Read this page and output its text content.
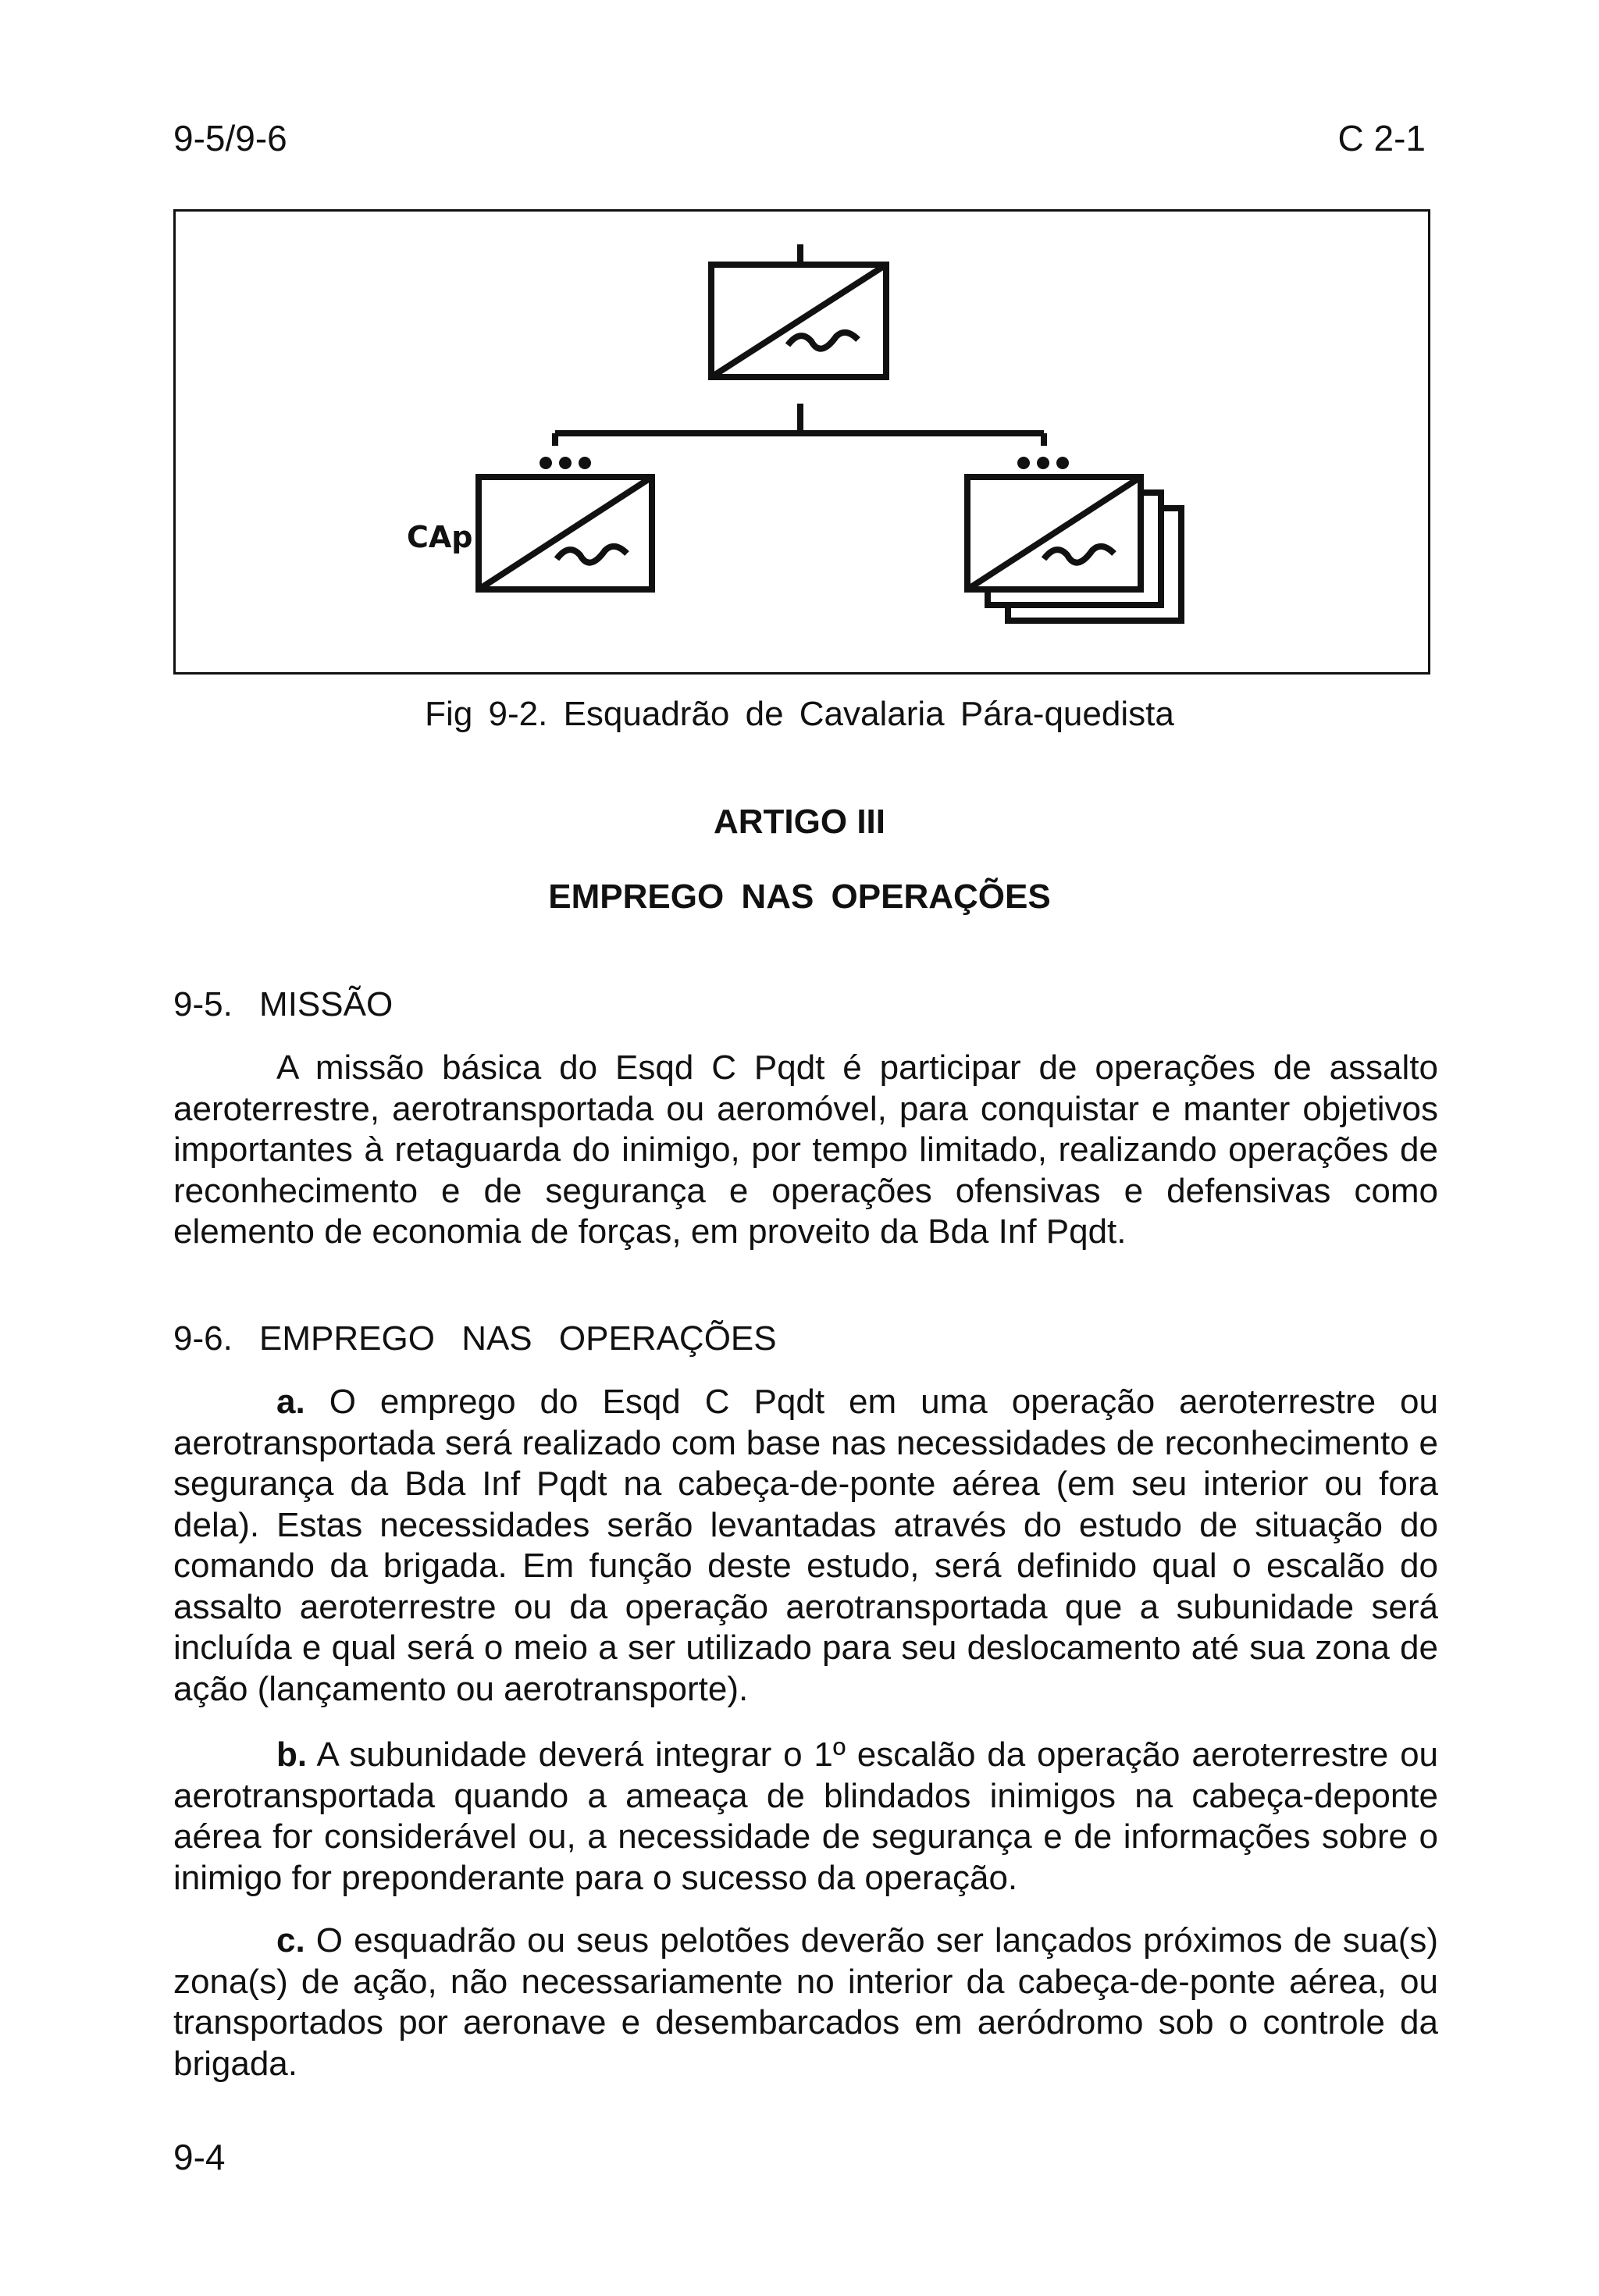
9-5/9-6	C 2-1
CAp
Fig 9-2. Esquadrão de Cavalaria Pára-quedista
ARTIGO III
EMPREGO NAS OPERAÇÕES
9-5. MISSÃO

A missão básica do Esqd C Pqdt é participar de operações de assalto aeroterrestre, aerotransportada ou aeromóvel, para conquistar e manter objetivos importantes à retaguarda do inimigo, por tempo limitado, realizando operações de reconhecimento e de segurança e operações ofensivas e defensivas como elemento de economia de forças, em proveito da Bda Inf Pqdt.

9-6. EMPREGO NAS OPERAÇÕES

a. O emprego do Esqd C Pqdt em uma operação aeroterrestre ou aerotransportada será realizado com base nas necessidades de reconhecimento e segurança da Bda Inf Pqdt na cabeça-de-ponte aérea (em seu interior ou fora dela). Estas necessidades serão levantadas através do estudo de situação do comando da brigada. Em função deste estudo, será definido qual o escalão do assalto aeroterrestre ou da operação aerotransportada que a subunidade será incluída e qual será o meio a ser utilizado para seu deslocamento até sua zona de ação (lançamento ou aerotransporte).

b. A subunidade deverá integrar o 1º escalão da operação aeroterrestre ou aerotransportada quando a ameaça de blindados inimigos na cabeça-deponte aérea for considerável ou, a necessidade de segurança e de informações sobre o inimigo for preponderante para o sucesso da operação.

c. O esquadrão ou seus pelotões deverão ser lançados próximos de sua(s) zona(s) de ação, não necessariamente no interior da cabeça-de-ponte aérea, ou transportados por aeronave e desembarcados em aeródromo sob o controle da brigada.

9-4
